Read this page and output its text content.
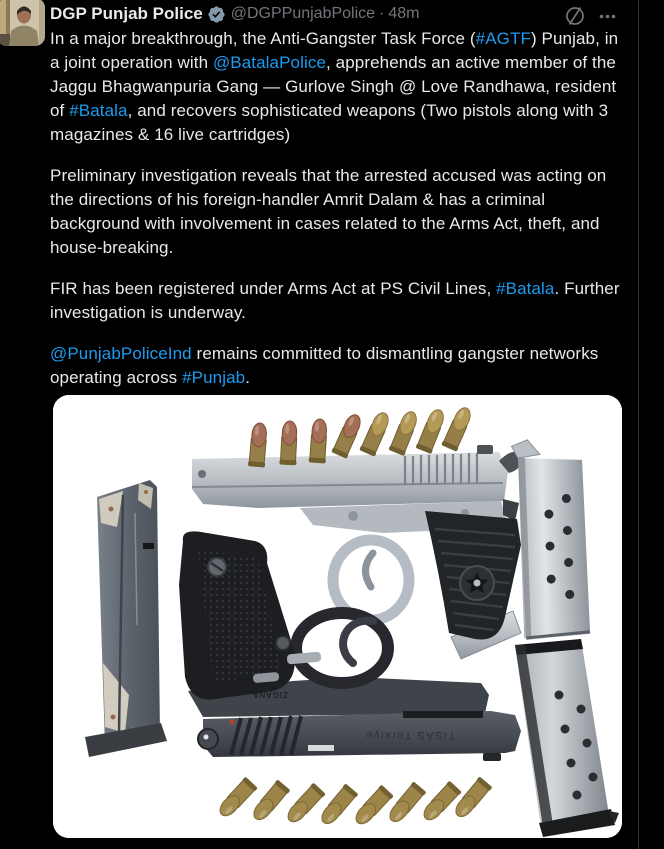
DGP Punjab Police @DGPPunjabPolice · 48m

In a major breakthrough, the Anti-Gangster Task Force (#AGTF) Punjab, in a joint operation with @BatalaPolice, apprehends an active member of the Jaggu Bhagwanpuria Gang — Gurlove Singh @ Love Randhawa, resident of #Batala, and recovers sophisticated weapons (Two pistols along with 3 magazines & 16 live cartridges)

Preliminary investigation reveals that the arrested accused was acting on the directions of his foreign-handler Amrit Dalam & has a criminal background with involvement in cases related to the Arms Act, theft, and house-breaking.

FIR has been registered under Arms Act at PS Civil Lines, #Batala. Further investigation is underway.

@PunjabPoliceInd remains committed to dismantling gangster networks operating across #Punjab.

TISAS Türkiye
ZIGANA
